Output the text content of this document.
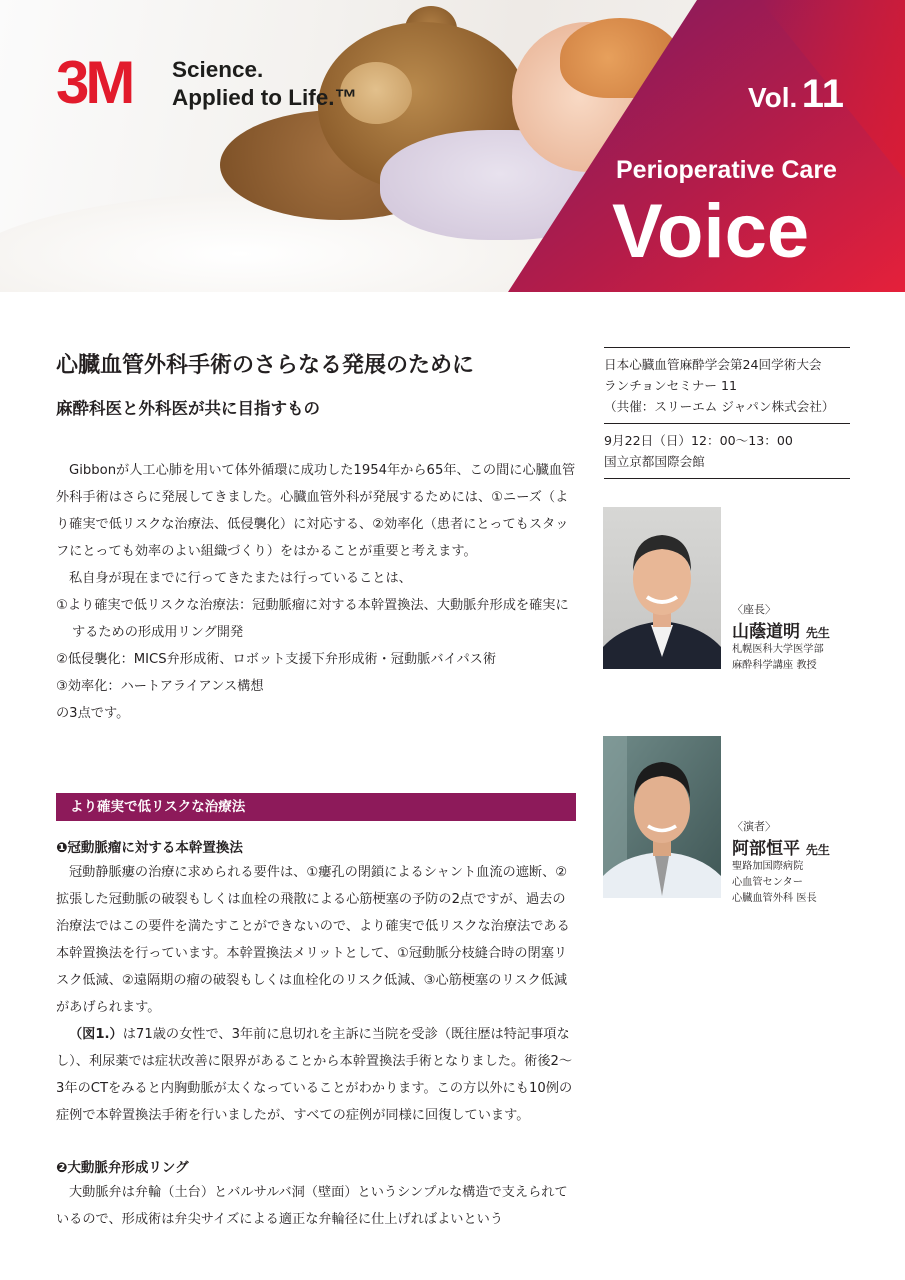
3M	Science.
Applied to Life.™	Vol. 11
Perioperative Care
Voice
心臓血管外科手術のさらなる発展のために
麻酔科医と外科医が共に目指すもの

Gibbonが人工心肺を用いて体外循環に成功した1954年から65年、この間に心臓血管外科手術はさらに発展してきました。心臓血管外科が発展するためには、①ニーズ（より確実で低リスクな治療法、低侵襲化）に対応する、②効率化（患者にとってもスタッフにとっても効率のよい組織づくり）をはかることが重要と考えます。

私自身が現在までに行ってきたまたは行っていることは、

①より確実で低リスクな治療法：冠動脈瘤に対する本幹置換法、大動脈弁形成を確実にするための形成用リング開発

②低侵襲化：MICS弁形成術、ロボット支援下弁形成術・冠動脈バイパス術

③効率化：ハートアライアンス構想

の3点です。

より確実で低リスクな治療法
❶冠動脈瘤に対する本幹置換法

冠動静脈瘻の治療に求められる要件は、①瘻孔の閉鎖によるシャント血流の遮断、②拡張した冠動脈の破裂もしくは血栓の飛散による心筋梗塞の予防の2点ですが、過去の治療法ではこの要件を満たすことができないので、より確実で低リスクな治療法である本幹置換法を行っています。本幹置換法メリットとして、①冠動脈分枝縫合時の閉塞リスク低減、②遠隔期の瘤の破裂もしくは血栓化のリスク低減、③心筋梗塞のリスク低減があげられます。

（図1.）は71歳の女性で、3年前に息切れを主訴に当院を受診（既往歴は特記事項なし）、利尿薬では症状改善に限界があることから本幹置換法手術となりました。術後2〜3年のCTをみると内胸動脈が太くなっていることがわかります。この方以外にも10例の症例で本幹置換法手術を行いましたが、すべての症例が同様に回復しています。

❷大動脈弁形成リング

大動脈弁は弁輪（土台）とバルサルバ洞（壁面）というシンプルな構造で支えられているので、形成術は弁尖サイズによる適正な弁輪径に仕上げればよいという

日本心臓血管麻酔学会第24回学術大会
ランチョンセミナー 11
（共催：スリーエム ジャパン株式会社）
9月22日（日）12：00〜13：00
国立京都国際会館
〈座長〉
山蔭道明 先生
札幌医科大学医学部
麻酔科学講座 教授
〈演者〉
阿部恒平 先生
聖路加国際病院
心血管センター
心臓血管外科 医長
